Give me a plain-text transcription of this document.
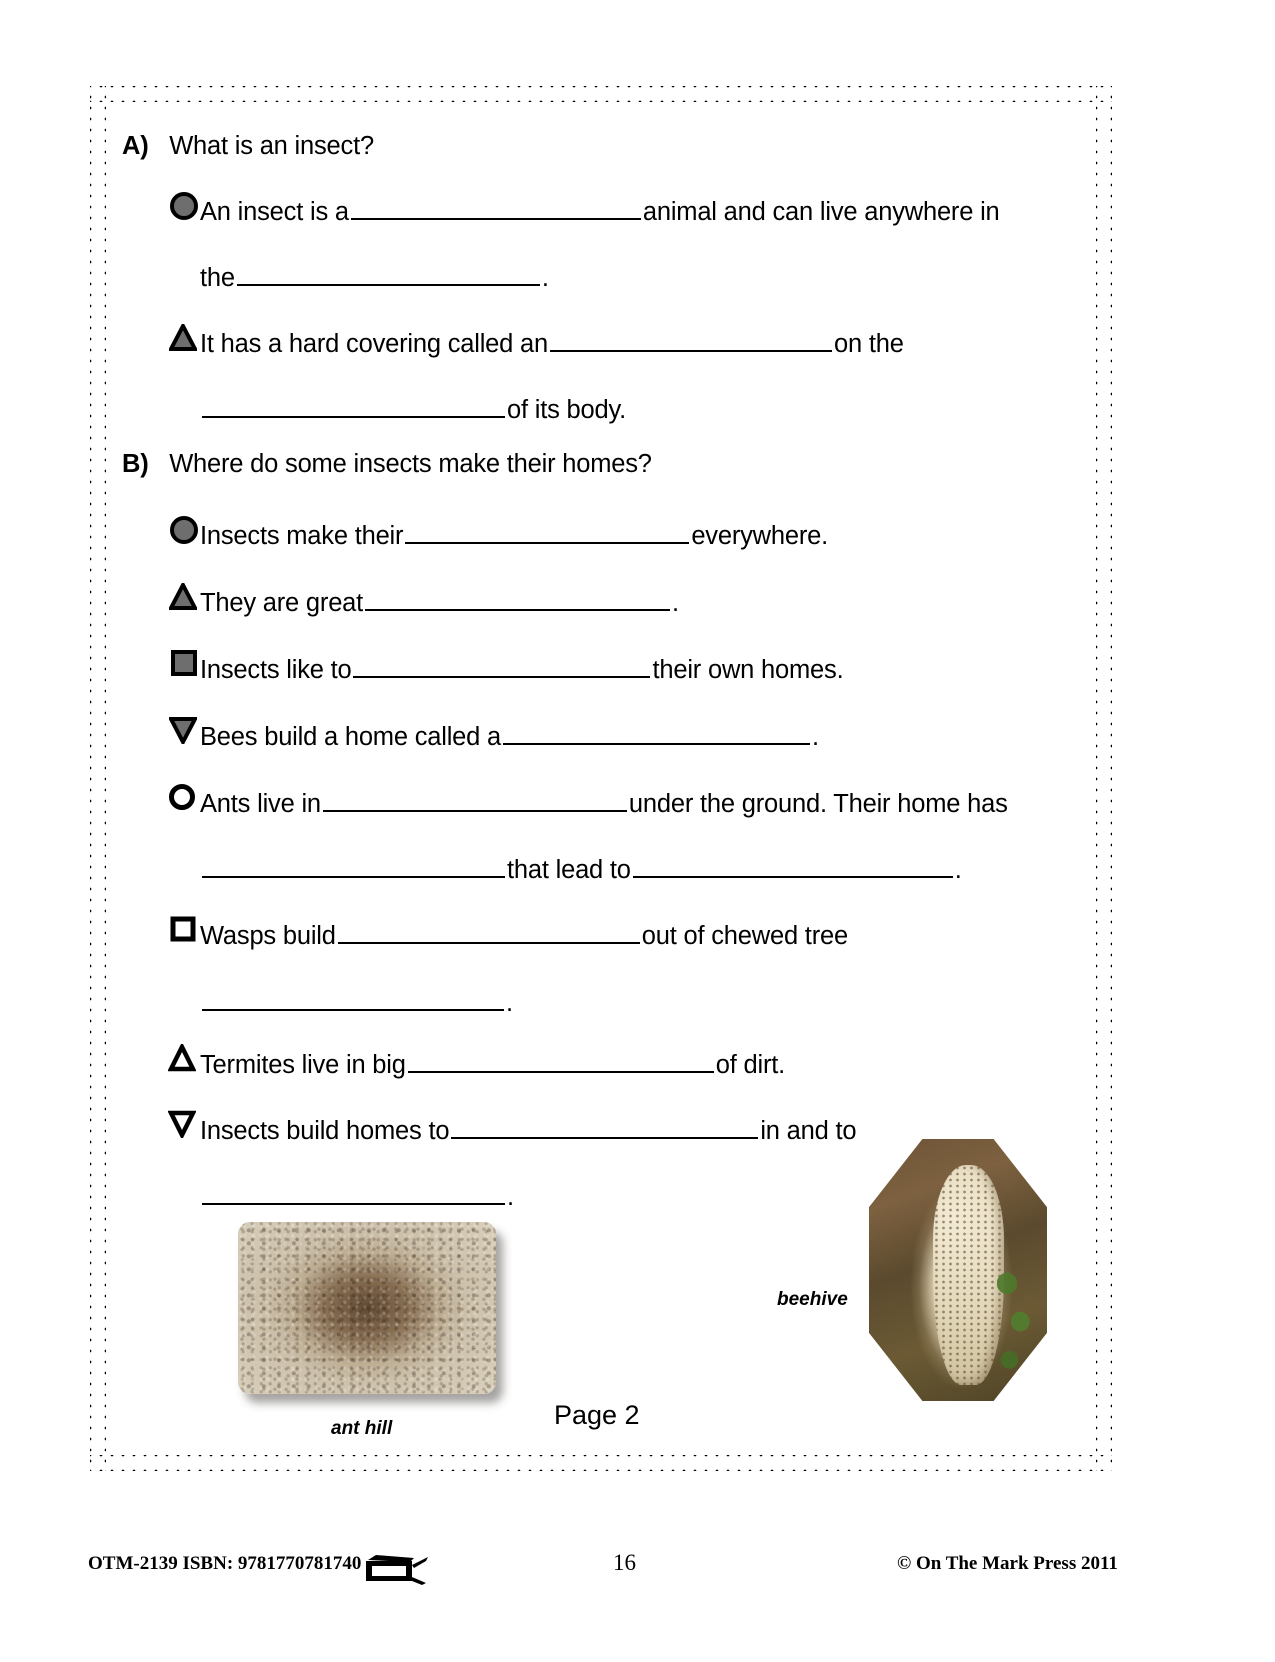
A) What is an insect?
An insect is a	animal and can live anywhere in
the	.
It has a hard covering called an	on the
of its body.
B) Where do some insects make their homes?
Insects make their	everywhere.
They are great	.
Insects like to	their own homes.
Bees build a home called a	.
Ants live in	under the ground. Their home has
that lead to	.
Wasps build	out of chewed tree
.
Termites live in big	of dirt.
Insects build homes to	in and to
.
ant hill
beehive
Page 2
OTM-2139 ISBN: 9781770781740	16	© On The Mark Press 2011
